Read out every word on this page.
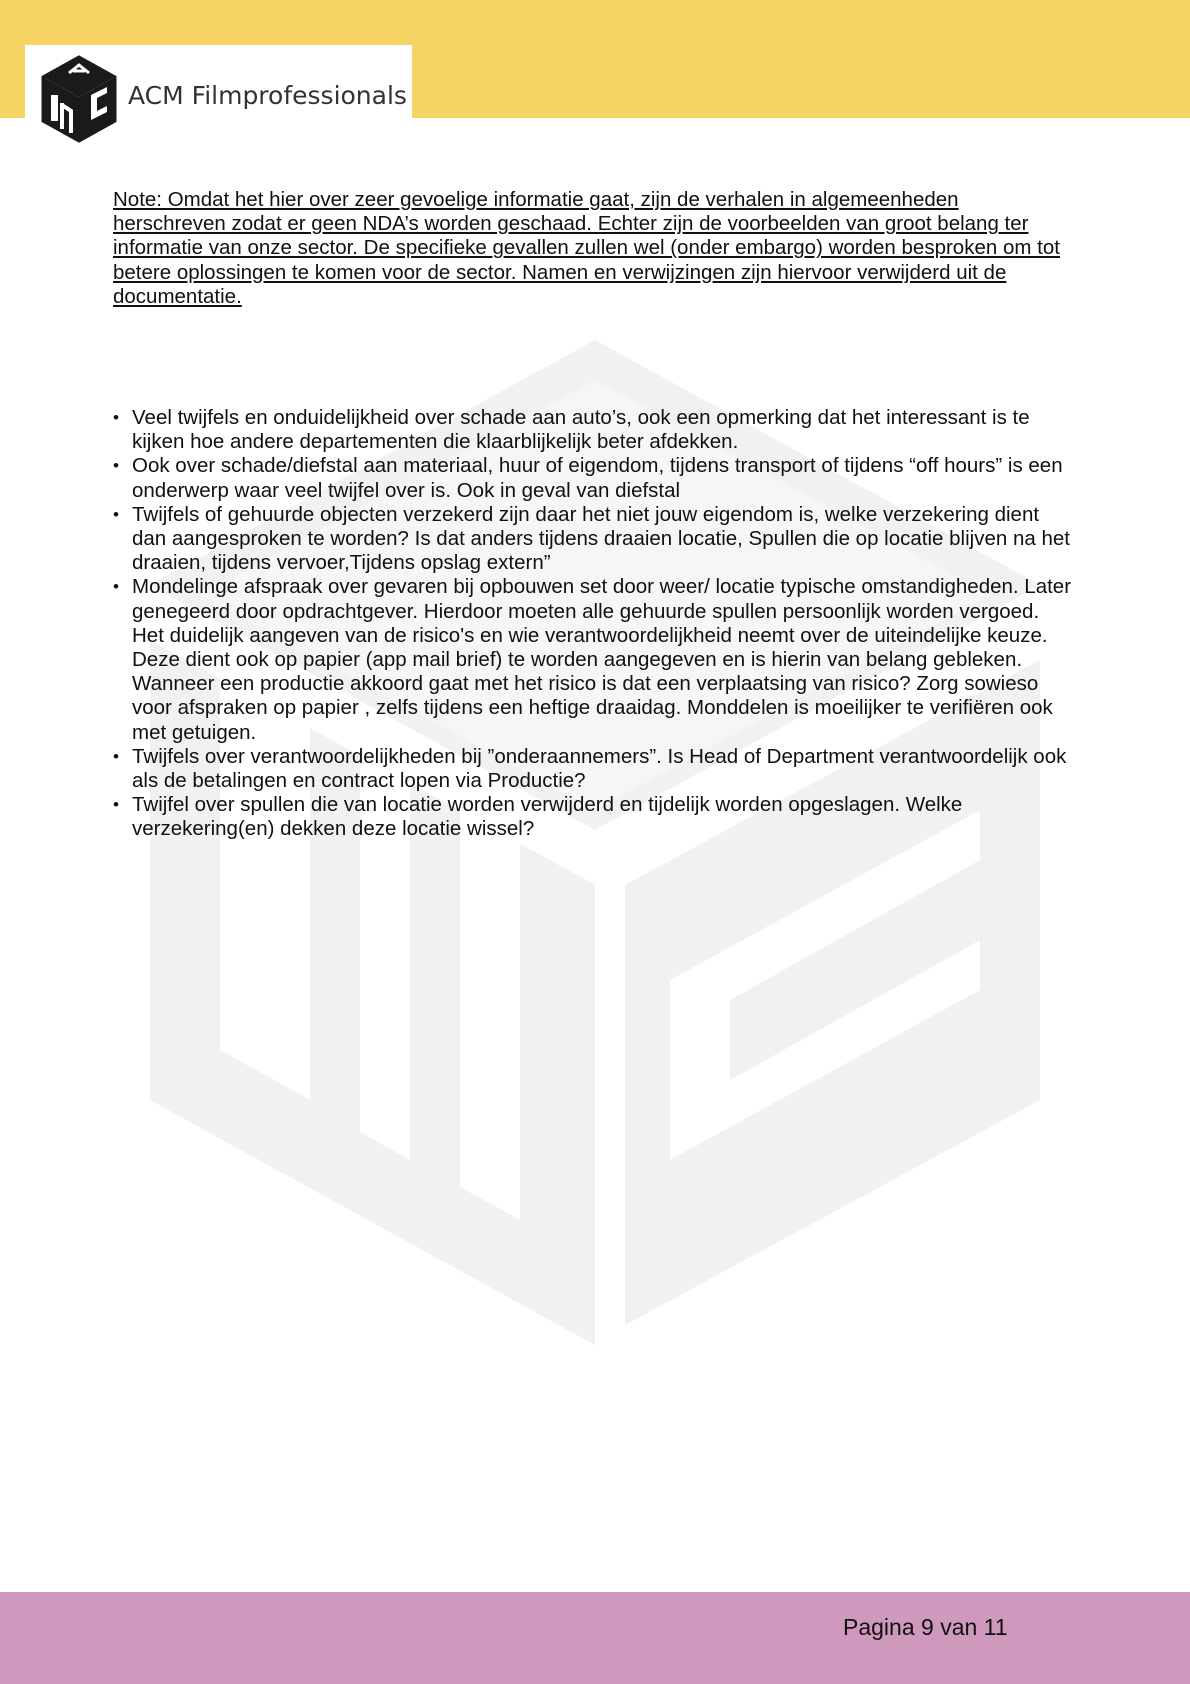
ACM Filmprofessionals

Note: Omdat het hier over zeer gevoelige informatie gaat, zijn de verhalen in algemeenheden herschreven zodat er geen NDA’s worden geschaad. Echter zijn de voorbeelden van groot belang ter informatie van onze sector. De specifieke gevallen zullen wel (onder embargo) worden besproken om tot betere oplossingen te komen voor de sector. Namen en verwijzingen zijn hiervoor verwijderd uit de documentatie.

• Veel twijfels en onduidelijkheid over schade aan auto’s, ook een opmerking dat het interessant is te kijken hoe andere departementen die klaarblijkelijk beter afdekken.
• Ook over schade/diefstal aan materiaal, huur of eigendom, tijdens transport of tijdens “off hours” is een onderwerp waar veel twijfel over is. Ook in geval van diefstal
• Twijfels of gehuurde objecten verzekerd zijn daar het niet jouw eigendom is, welke verzekering dient dan aangesproken te worden? Is dat anders tijdens draaien locatie, Spullen die op locatie blijven na het draaien, tijdens vervoer,Tijdens opslag extern”
• Mondelinge afspraak over gevaren bij opbouwen set door weer/ locatie typische omstandigheden. Later genegeerd door opdrachtgever. Hierdoor moeten alle gehuurde spullen persoonlijk worden vergoed. Het duidelijk aangeven van de risico's en wie verantwoordelijkheid neemt over de uiteindelijke keuze. Deze dient ook op papier (app mail brief) te worden aangegeven en is hierin van belang gebleken. Wanneer een productie akkoord gaat met het risico is dat een verplaatsing van risico? Zorg sowieso voor afspraken op papier , zelfs tijdens een heftige draaidag. Monddelen is moeilijker te verifiëren ook met getuigen.
• Twijfels over verantwoordelijkheden bij ”onderaannemers”. Is Head of Department verantwoordelijk ook als de betalingen en contract lopen via Productie?
• Twijfel over spullen die van locatie worden verwijderd en tijdelijk worden opgeslagen. Welke verzekering(en) dekken deze locatie wissel?
Pagina 9 van 11
